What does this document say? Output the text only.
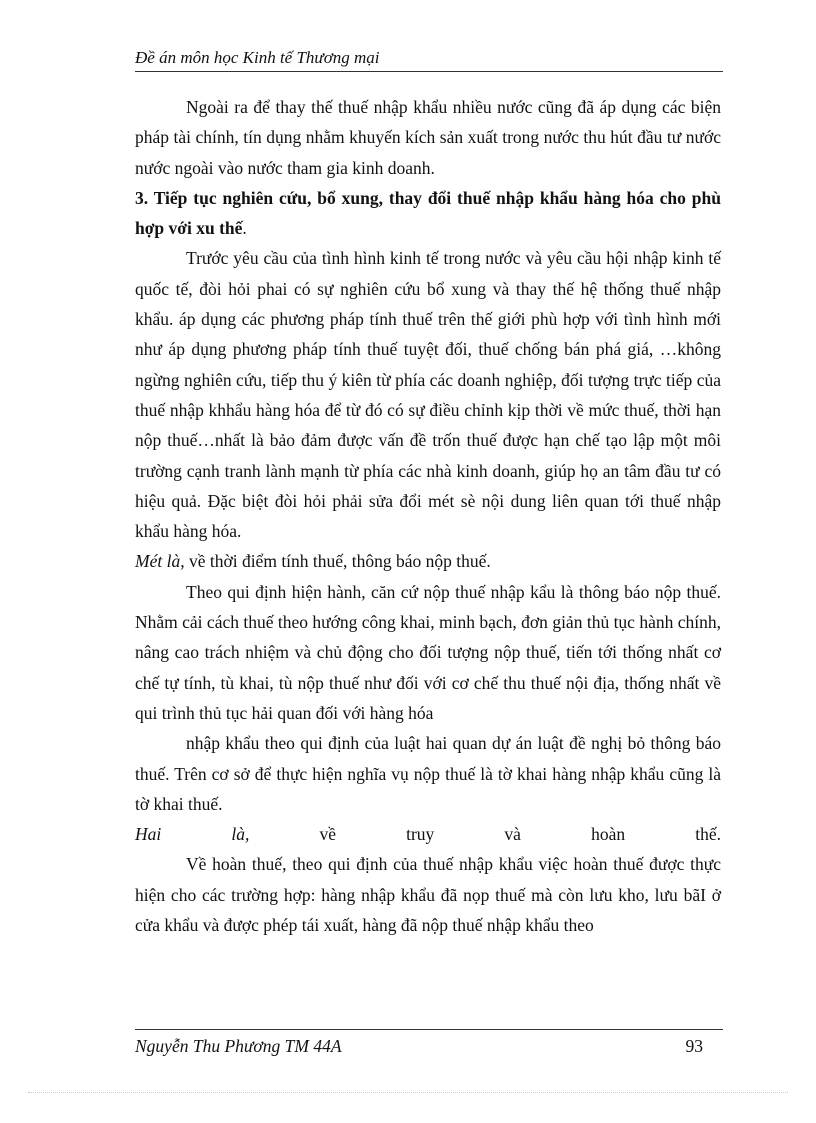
Đề án môn học Kinh tế Thương mại

Ngoài ra để thay thế thuế nhập khẩu nhiều nước cũng đã áp dụng các biện pháp tài chính, tín dụng nhằm khuyến kích sản xuất trong nước thu hút đầu tư nước nước ngoài vào nước tham gia kinh doanh.

3. Tiếp tục nghiên cứu, bổ xung, thay đổi thuế nhập khẩu hàng hóa cho phù hợp với xu thế.

Trước yêu cầu của tình hình kinh tế trong nước và yêu cầu hội nhập kinh tế quốc tế, đòi hỏi phai có sự nghiên cứu bổ xung và thay thế hệ thống thuế nhập khẩu. áp dụng các phương pháp tính thuế trên thế giới phù hợp với tình hình mới như áp dụng phương pháp tính thuế tuyệt đối, thuế chống bán phá giá, …không ngừng nghiên cứu, tiếp thu ý kiên từ phía các doanh nghiệp, đối tượng trực tiếp của thuế nhập khhẩu hàng hóa để từ đó có sự điều chỉnh kịp thời về mức thuế, thời hạn nộp thuế…nhất là bảo đảm được vấn đề trốn thuế được hạn chế tạo lập một môi trường cạnh tranh lành mạnh từ phía các nhà kinh doanh, giúp họ an tâm đầu tư có hiệu quả. Đặc biệt đòi hỏi phải sửa đổi mét sè nội dung liên quan tới thuế nhập khẩu hàng hóa.

Mét là, về thời điểm tính thuế, thông báo nộp thuế.

Theo qui định hiện hành, căn cứ nộp thuế nhập kẩu là thông báo nộp thuế. Nhằm cải cách thuế theo hướng công khai, minh bạch, đơn giản thủ tục hành chính, nâng cao trách nhiệm và chủ động cho đối tượng nộp thuế, tiến tới thống nhất cơ chế tự tính, tù khai, tù nộp thuế như đối với cơ chế thu thuế nội địa, thống nhất về qui trình thủ tục hải quan đối với hàng hóa

nhập khẩu theo qui định của luật hai quan dự án luật đề nghị bỏ thông báo thuế. Trên cơ sở để thực hiện nghĩa vụ nộp thuế là tờ khai hàng nhập khẩu cũng là tờ khai thuế.

Hai	là,	về	truy	và	hoàn	thế.

Về hoàn thuế, theo qui định của thuế nhập khẩu việc hoàn thuế được thực hiện cho các trường hợp: hàng nhập khẩu đã nọp thuế mà còn lưu kho, lưu bãI ở cửa khẩu và được phép tái xuất, hàng đã nộp thuế nhập khẩu theo

Nguyễn Thu Phương TM 44A	93
